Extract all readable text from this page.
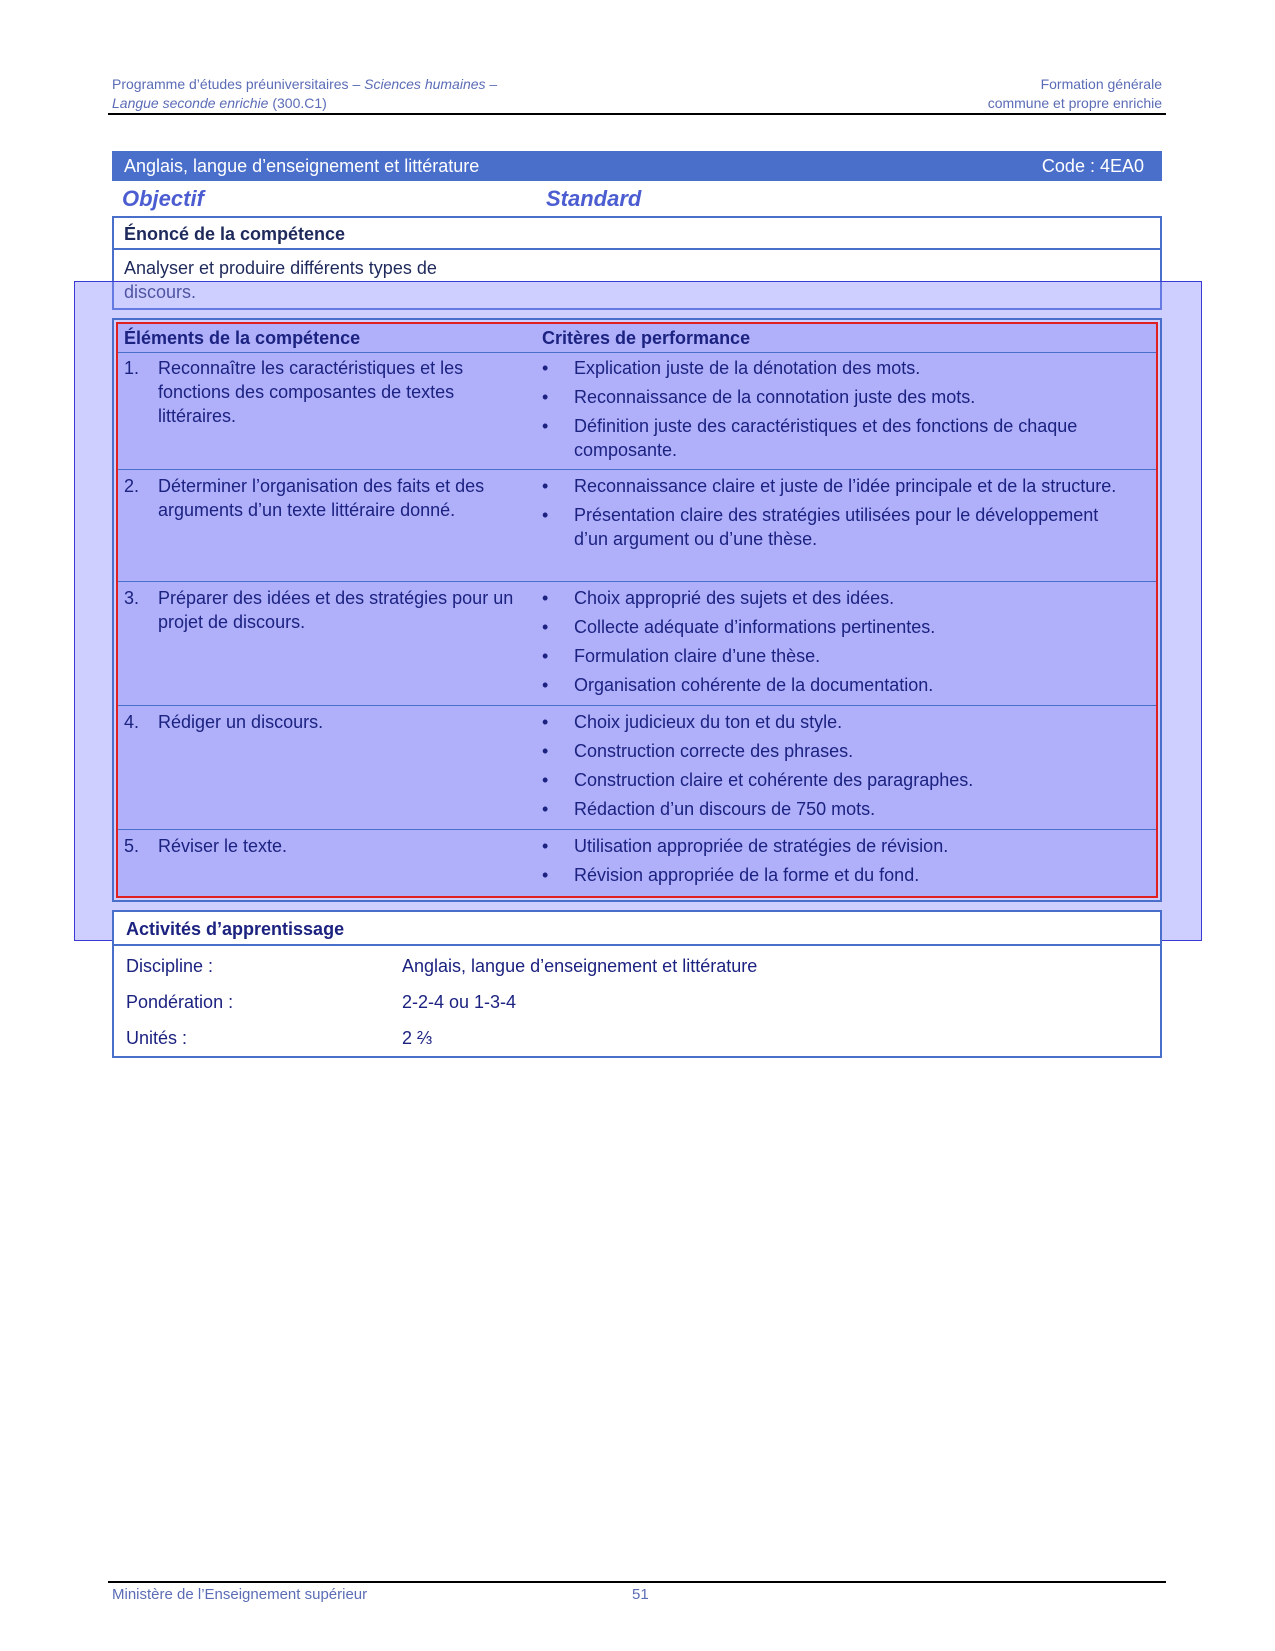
Programme d’études préuniversitaires – Sciences humaines –	Formation générale
Langue seconde enrichie (300.C1)	commune et propre enrichie
Anglais, langue d’enseignement et littérature	Code : 4EA0
Objectif	Standard
Énoncé de la compétence
Analyser et produire différents types de discours.
Éléments de la compétence	Critères de performance
1.	Reconnaître les caractéristiques et les fonctions des composantes de textes littéraires.
•	Explication juste de la dénotation des mots.
•	Reconnaissance de la connotation juste des mots.
•	Définition juste des caractéristiques et des fonctions de chaque composante.
2.	Déterminer l’organisation des faits et des arguments d’un texte littéraire donné.
•	Reconnaissance claire et juste de l’idée principale et de la structure.
•	Présentation claire des stratégies utilisées pour le développement d’un argument ou d’une thèse.
3.	Préparer des idées et des stratégies pour un projet de discours.
•	Choix approprié des sujets et des idées.
•	Collecte adéquate d’informations pertinentes.
•	Formulation claire d’une thèse.
•	Organisation cohérente de la documentation.
4.	Rédiger un discours.	•	Choix judicieux du ton et du style.
•	Construction correcte des phrases.
•	Construction claire et cohérente des paragraphes.
•	Rédaction d’un discours de 750 mots.
5.	Réviser le texte.	•	Utilisation appropriée de stratégies de révision.
•	Révision appropriée de la forme et du fond.
Activités d’apprentissage
Discipline :	Anglais, langue d’enseignement et littérature
Pondération :	2-2-4 ou 1-3-4
Unités :	2 ⅔
Ministère de l’Enseignement supérieur	51
